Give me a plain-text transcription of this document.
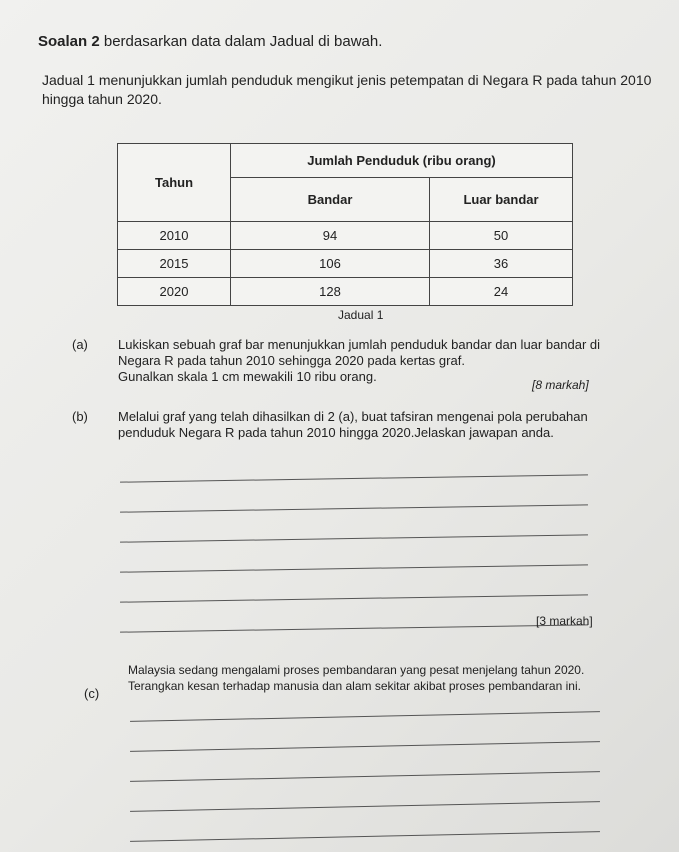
Soalan 2 berdasarkan data dalam Jadual di bawah.
Jadual 1 menunjukkan jumlah penduduk mengikut jenis petempatan di Negara R pada tahun 2010 hingga tahun 2020.
Tahun	Jumlah Penduduk (ribu orang)	
	Bandar	Luar bandar
2010	94	50
2015	106	36
2020	128	24
Jadual 1
(a) Lukiskan sebuah graf bar menunjukkan jumlah penduduk bandar dan luar bandar di
Negara R pada tahun 2010 sehingga 2020 pada kertas graf.
Gunalkan skala 1 cm mewakili 10 ribu orang.
[8 markah]
(b) Melalui graf yang telah dihasilkan di 2 (a), buat tafsiran mengenai pola perubahan
penduduk Negara R pada tahun 2010 hingga 2020.Jelaskan jawapan anda.
[3 markah]
Malaysia sedang mengalami proses pembandaran yang pesat menjelang tahun 2020.
(c) Terangkan kesan terhadap manusia dan alam sekitar akibat proses pembandaran ini.
